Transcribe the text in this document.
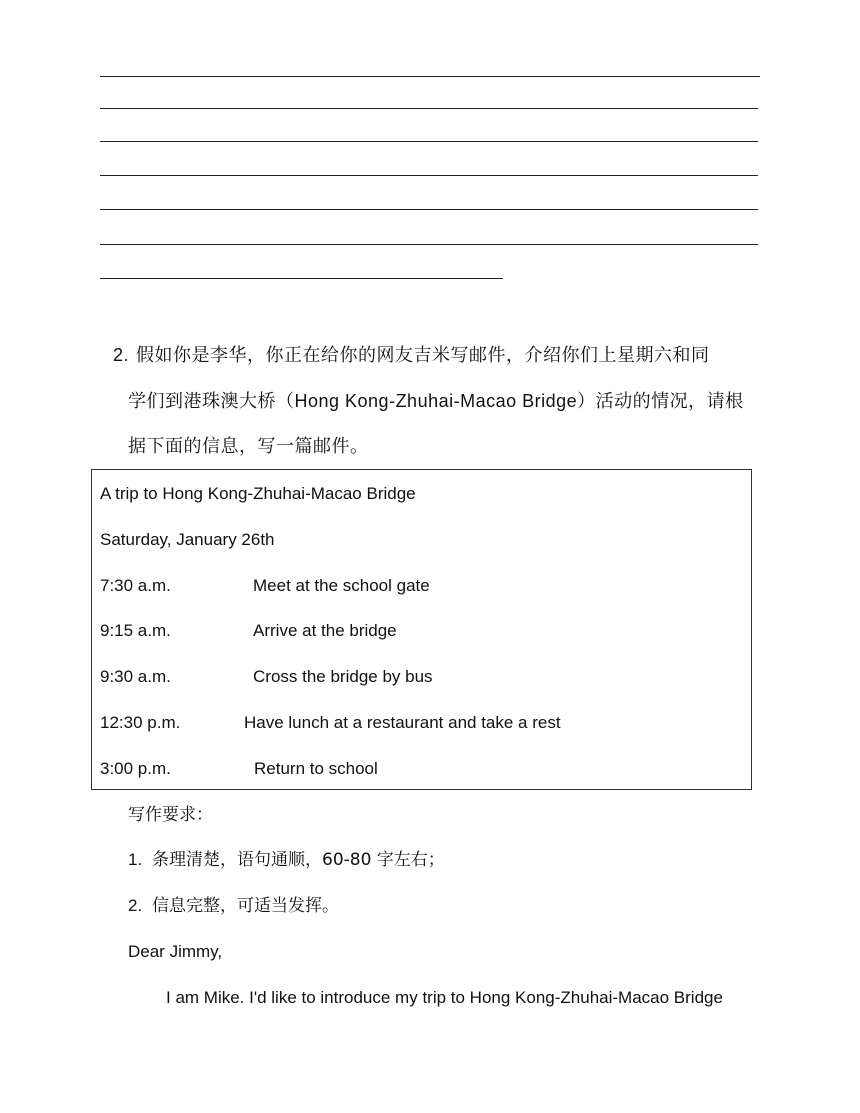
2. 假如你是李华，你正在给你的网友吉米写邮件，介绍你们上星期六和同
学们到港珠澳大桥（Hong Kong-Zhuhai-Macao Bridge）活动的情况，请根
据下面的信息，写一篇邮件。
A trip to Hong Kong-Zhuhai-Macao Bridge
Saturday, January 26th
7:30 a.m.	Meet at the school gate
9:15 a.m.	Arrive at the bridge
9:30 a.m.	Cross the bridge by bus
12:30 p.m.	Have lunch at a restaurant and take a rest
3:00 p.m.	Return to school
写作要求：
1. 条理清楚，语句通顺，60-80 字左右；
2. 信息完整，可适当发挥。
Dear Jimmy,
I am Mike. I'd like to introduce my trip to Hong Kong-Zhuhai-Macao Bridge
